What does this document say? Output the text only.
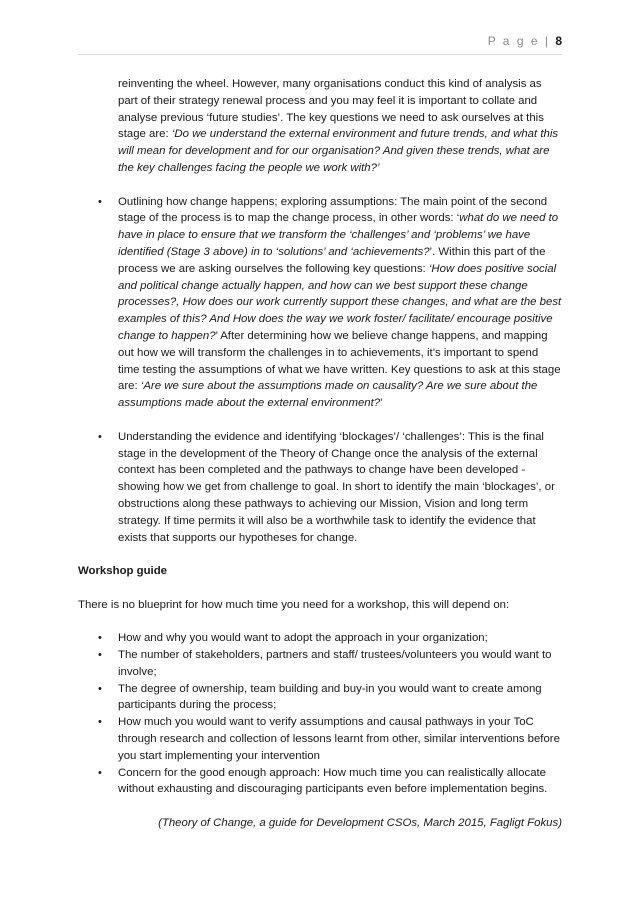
P a g e | 8

reinventing the wheel. However, many organisations conduct this kind of analysis as part of their strategy renewal process and you may feel it is important to collate and analyse previous ‘future studies’. The key questions we need to ask ourselves at this stage are: ‘Do we understand the external environment and future trends, and what this will mean for development and for our organisation? And given these trends, what are the key challenges facing the people we work with?’

• Outlining how change happens; exploring assumptions: The main point of the second stage of the process is to map the change process, in other words: ‘what do we need to have in place to ensure that we transform the ‘challenges’ and ‘problems’ we have identified (Stage 3 above) in to ‘solutions’ and ‘achievements?’. Within this part of the process we are asking ourselves the following key questions: ‘How does positive social and political change actually happen, and how can we best support these change processes?, How does our work currently support these changes, and what are the best examples of this? And How does the way we work foster/ facilitate/ encourage positive change to happen?’ After determining how we believe change happens, and mapping out how we will transform the challenges in to achievements, it’s important to spend time testing the assumptions of what we have written. Key questions to ask at this stage are: ‘Are we sure about the assumptions made on causality? Are we sure about the assumptions made about the external environment?’
• Understanding the evidence and identifying ‘blockages’/ ‘challenges’: This is the final stage in the development of the Theory of Change once the analysis of the external context has been completed and the pathways to change have been developed - showing how we get from challenge to goal. In short to identify the main ‘blockages’, or obstructions along these pathways to achieving our Mission, Vision and long term strategy. If time permits it will also be a worthwhile task to identify the evidence that exists that supports our hypotheses for change.

Workshop guide

There is no blueprint for how much time you need for a workshop, this will depend on:

• How and why you would want to adopt the approach in your organization;
• The number of stakeholders, partners and staff/ trustees/volunteers you would want to involve;
• The degree of ownership, team building and buy-in you would want to create among participants during the process;
• How much you would want to verify assumptions and causal pathways in your ToC through research and collection of lessons learnt from other, similar interventions before you start implementing your intervention
• Concern for the good enough approach: How much time you can realistically allocate without exhausting and discouraging participants even before implementation begins.

(Theory of Change, a guide for Development CSOs, March 2015, Fagligt Fokus)
